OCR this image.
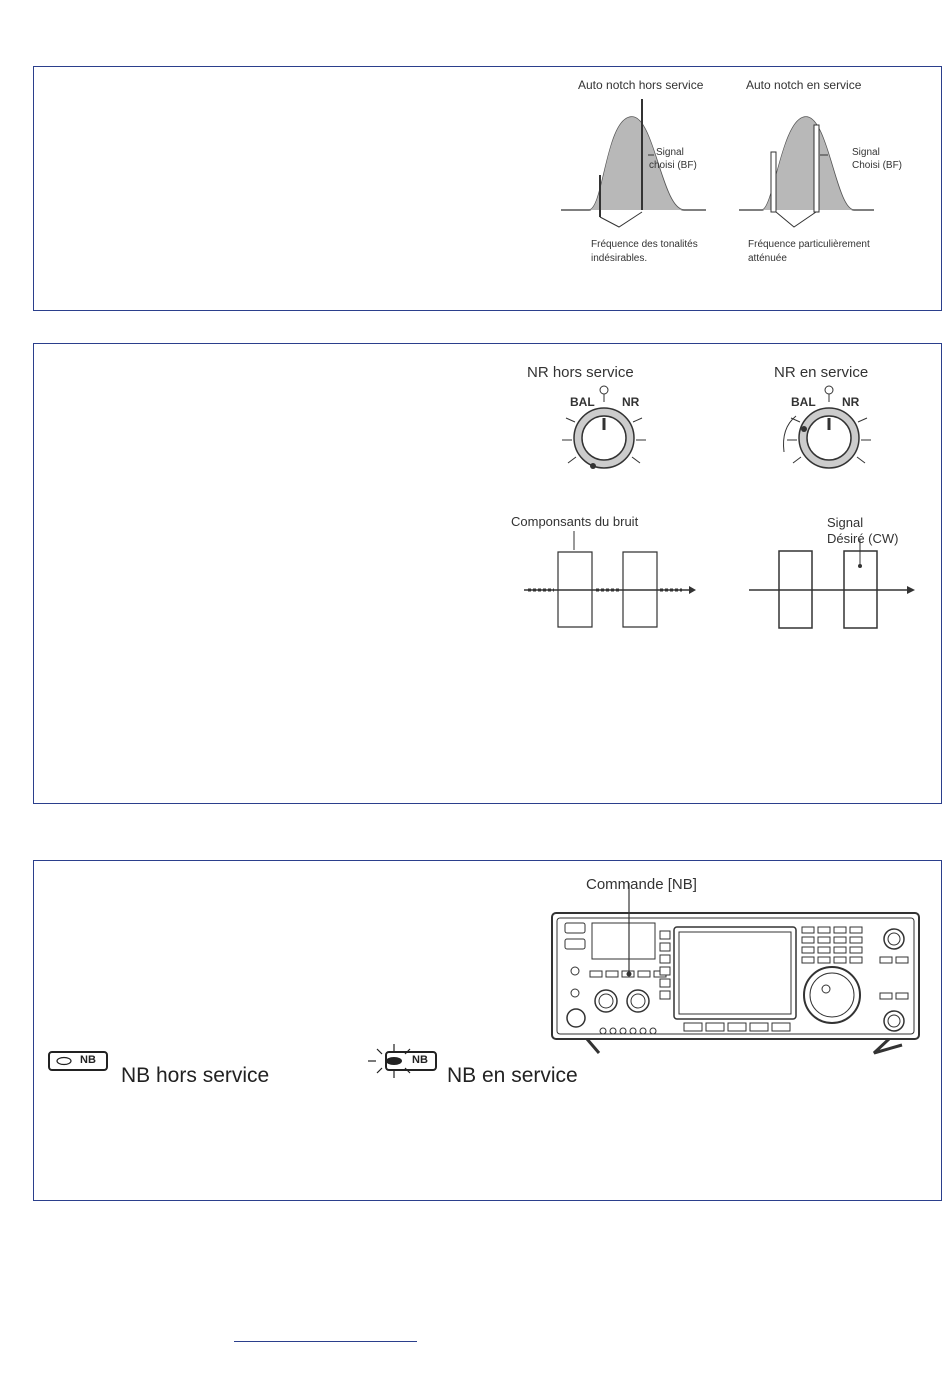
Auto notch hors service	Auto notch en service
Signal
choisi (BF)
Signal
Choisi (BF)
Fréquence des tonalités
indésirables.
Fréquence particulièrement
atténuée
NR hors service	NR en service
BAL NR	BAL NR
Componsants du bruit	Signal
Désiré (CW)
Commande [NB]
NB	NB
NB hors service	NB en service
